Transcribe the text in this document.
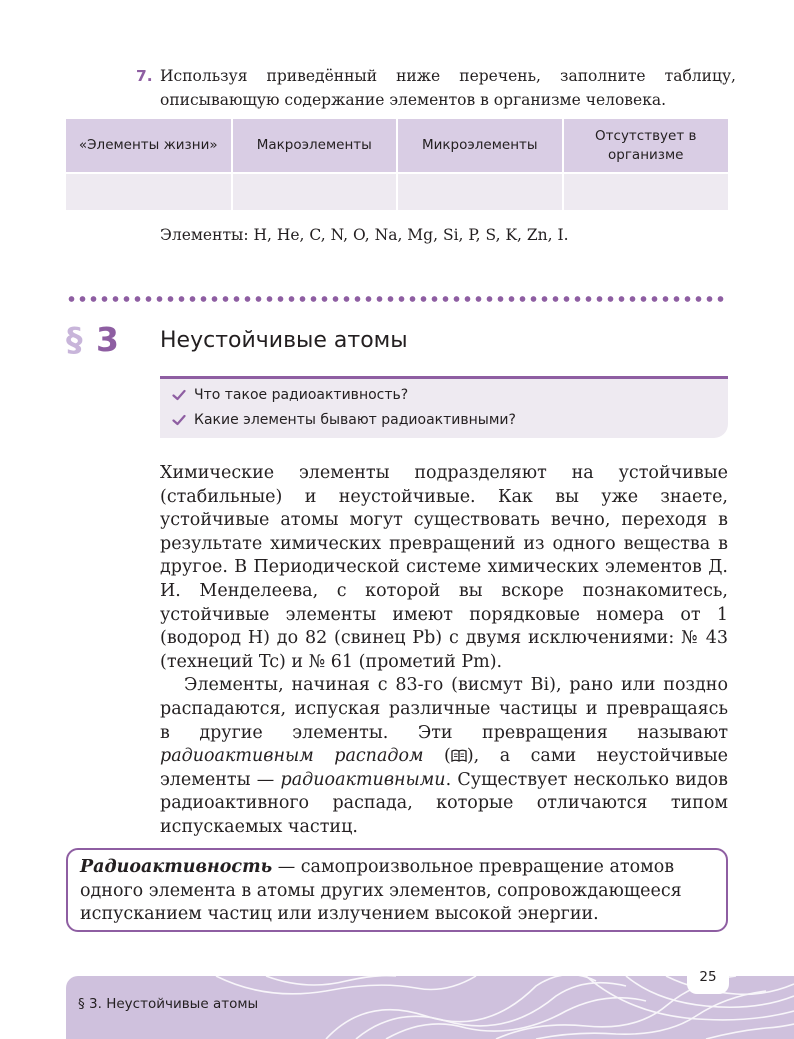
7. Используя приведённый ниже перечень, заполните таблицу, описывающую содержание элементов в организме человека.
«Элементы жизни»	Макроэлементы	Микроэлементы	Отсутствует в организме

Элементы: H, He, C, N, O, Na, Mg, Si, P, S, K, Zn, I.
§ 3 Неустойчивые атомы
Что такое радиоактивность?
Какие элементы бывают радиоактивными?

Химические элементы подразделяют на устойчивые (стабильные) и неустойчивые. Как вы уже знаете, устойчивые атомы могут существовать вечно, переходя в результате химических превращений из одного вещества в другое. В Периодической системе химических элементов Д. И. Менделеева, с которой вы вскоре познакомитесь, устойчивые элементы имеют порядковые номера от 1 (водород H) до 82 (свинец Pb) с двумя исключениями: № 43 (технеций Tc) и № 61 (прометий Pm).

Элементы, начиная с 83-го (висмут Bi), рано или поздно распадаются, испуская различные частицы и превращаясь в другие элементы. Эти превращения называют радиоактивным распадом ( ), а сами неустойчивые элементы — радиоактивными. Существует несколько видов радиоактивного распада, которые отличаются типом испускаемых частиц.

Радиоактивность — самопроизвольное превращение атомов одного элемента в атомы других элементов, сопровождающееся испусканием частиц или излучением высокой энергии.
25
§ 3. Неустойчивые атомы
